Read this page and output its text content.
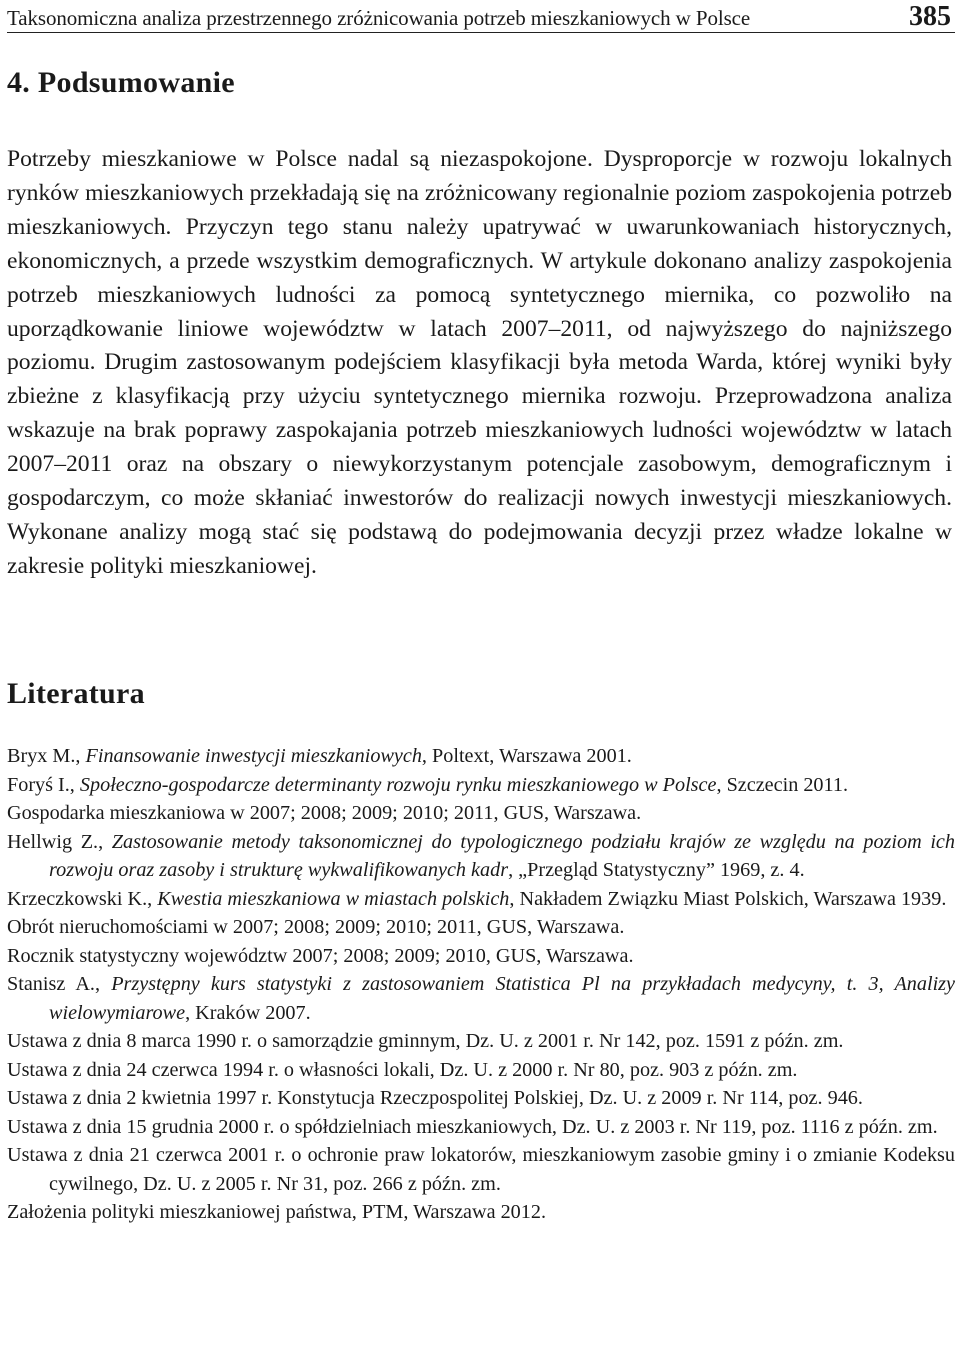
Taksonomiczna analiza przestrzennego zróżnicowania potrzeb mieszkaniowych w Polsce	385
4. Podsumowanie

Potrzeby mieszkaniowe w Polsce nadal są niezaspokojone. Dysproporcje w rozwoju lokalnych rynków mieszkaniowych przekładają się na zróżnicowany regionalnie poziom zaspokojenia potrzeb mieszkaniowych. Przyczyn tego stanu należy upatrywać w uwarunkowaniach historycznych, ekonomicznych, a przede wszystkim demograficznych. W artykule dokonano analizy zaspokojenia potrzeb mieszkaniowych ludności za pomocą syntetycznego miernika, co pozwoliło na uporządkowanie liniowe województw w latach 2007–2011, od najwyższego do najniższego poziomu. Drugim zastosowanym podejściem klasyfikacji była metoda Warda, której wyniki były zbieżne z klasyfikacją przy użyciu syntetycznego miernika rozwoju. Przeprowadzona analiza wskazuje na brak poprawy zaspokajania potrzeb mieszkaniowych ludności województw w latach 2007–2011 oraz na obszary o niewykorzystanym potencjale zasobowym, demograficznym i gospodarczym, co może skłaniać inwestorów do realizacji nowych inwestycji mieszkaniowych. Wykonane analizy mogą stać się podstawą do podejmowania decyzji przez władze lokalne w zakresie polityki mieszkaniowej.

Literatura
Bryx M., Finansowanie inwestycji mieszkaniowych, Poltext, Warszawa 2001.
Foryś I., Społeczno-gospodarcze determinanty rozwoju rynku mieszkaniowego w Polsce, Szczecin 2011.
Gospodarka mieszkaniowa w 2007; 2008; 2009; 2010; 2011, GUS, Warszawa.
Hellwig Z., Zastosowanie metody taksonomicznej do typologicznego podziału krajów ze względu na poziom ich rozwoju oraz zasoby i strukturę wykwalifikowanych kadr, „Przegląd Statystyczny” 1969, z. 4.
Krzeczkowski K., Kwestia mieszkaniowa w miastach polskich, Nakładem Związku Miast Polskich, Warszawa 1939.
Obrót nieruchomościami w 2007; 2008; 2009; 2010; 2011, GUS, Warszawa.
Rocznik statystyczny województw 2007; 2008; 2009; 2010, GUS, Warszawa.
Stanisz A., Przystępny kurs statystyki z zastosowaniem Statistica Pl na przykładach medycyny, t. 3, Analizy wielowymiarowe, Kraków 2007.
Ustawa z dnia 8 marca 1990 r. o samorządzie gminnym, Dz. U. z 2001 r. Nr 142, poz. 1591 z późn. zm.
Ustawa z dnia 24 czerwca 1994 r. o własności lokali, Dz. U. z 2000 r. Nr 80, poz. 903 z późn. zm.
Ustawa z dnia 2 kwietnia 1997 r. Konstytucja Rzeczpospolitej Polskiej, Dz. U. z 2009 r. Nr 114, poz. 946.
Ustawa z dnia 15 grudnia 2000 r. o spółdzielniach mieszkaniowych, Dz. U. z 2003 r. Nr 119, poz. 1116 z późn. zm.
Ustawa z dnia 21 czerwca 2001 r. o ochronie praw lokatorów, mieszkaniowym zasobie gminy i o zmianie Kodeksu cywilnego, Dz. U. z 2005 r. Nr 31, poz. 266 z późn. zm.
Założenia polityki mieszkaniowej państwa, PTM, Warszawa 2012.
